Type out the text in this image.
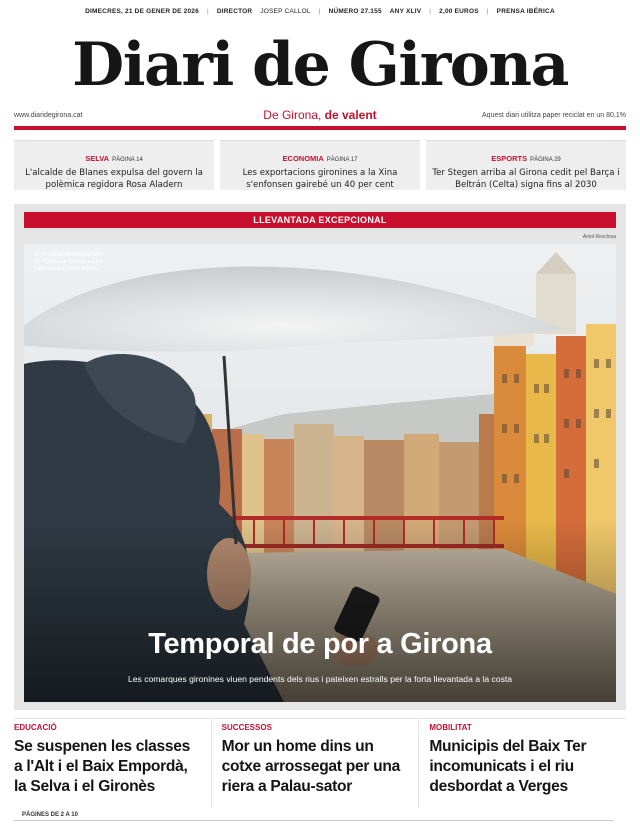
DIMECRES, 21 DE GENER DE 2026 | DIRECTOR JOSEP CALLOL | NÚMERO 27.155 ANY XLIV | 2,00 EUROS | PRENSA IBÉRICA
Diari de Girona
www.diaridegirona.cat	De Girona, de valent	Aquest diari utilitza paper reciclat en un 80,1%
SELVA PÀGINA 14
L'alcalde de Blanes expulsa del govern la polèmica regidora Rosa Aladern
ECONOMIA PÀGINA 17
Les exportacions gironines a la Xina s'enfonsen gairebé un 40 per cent
ESPORTS PÀGINA 29
Ter Stegen arriba al Girona cedit pel Barça i Beltrán (Celta) signa fins al 2030
LLEVANTADA EXCEPCIONAL
Aniol Resclosa
El possible desbordament de l'Onyar a Girona va fer patir durant molts hores.
Temporal de por a Girona
Les comarques gironines viuen pendents dels rius i pateixen estralls per la forta llevantada a la costa
EDUCACIÓ
Se suspenen les classes a l'Alt i el Baix Empordà, la Selva i el Gironès
SUCCESSOS
Mor un home dins un cotxe arrossegat per una riera a Palau-sator
MOBILITAT
Municipis del Baix Ter incomunicats i el riu desbordat a Verges
PÀGINES DE 2 A 10
